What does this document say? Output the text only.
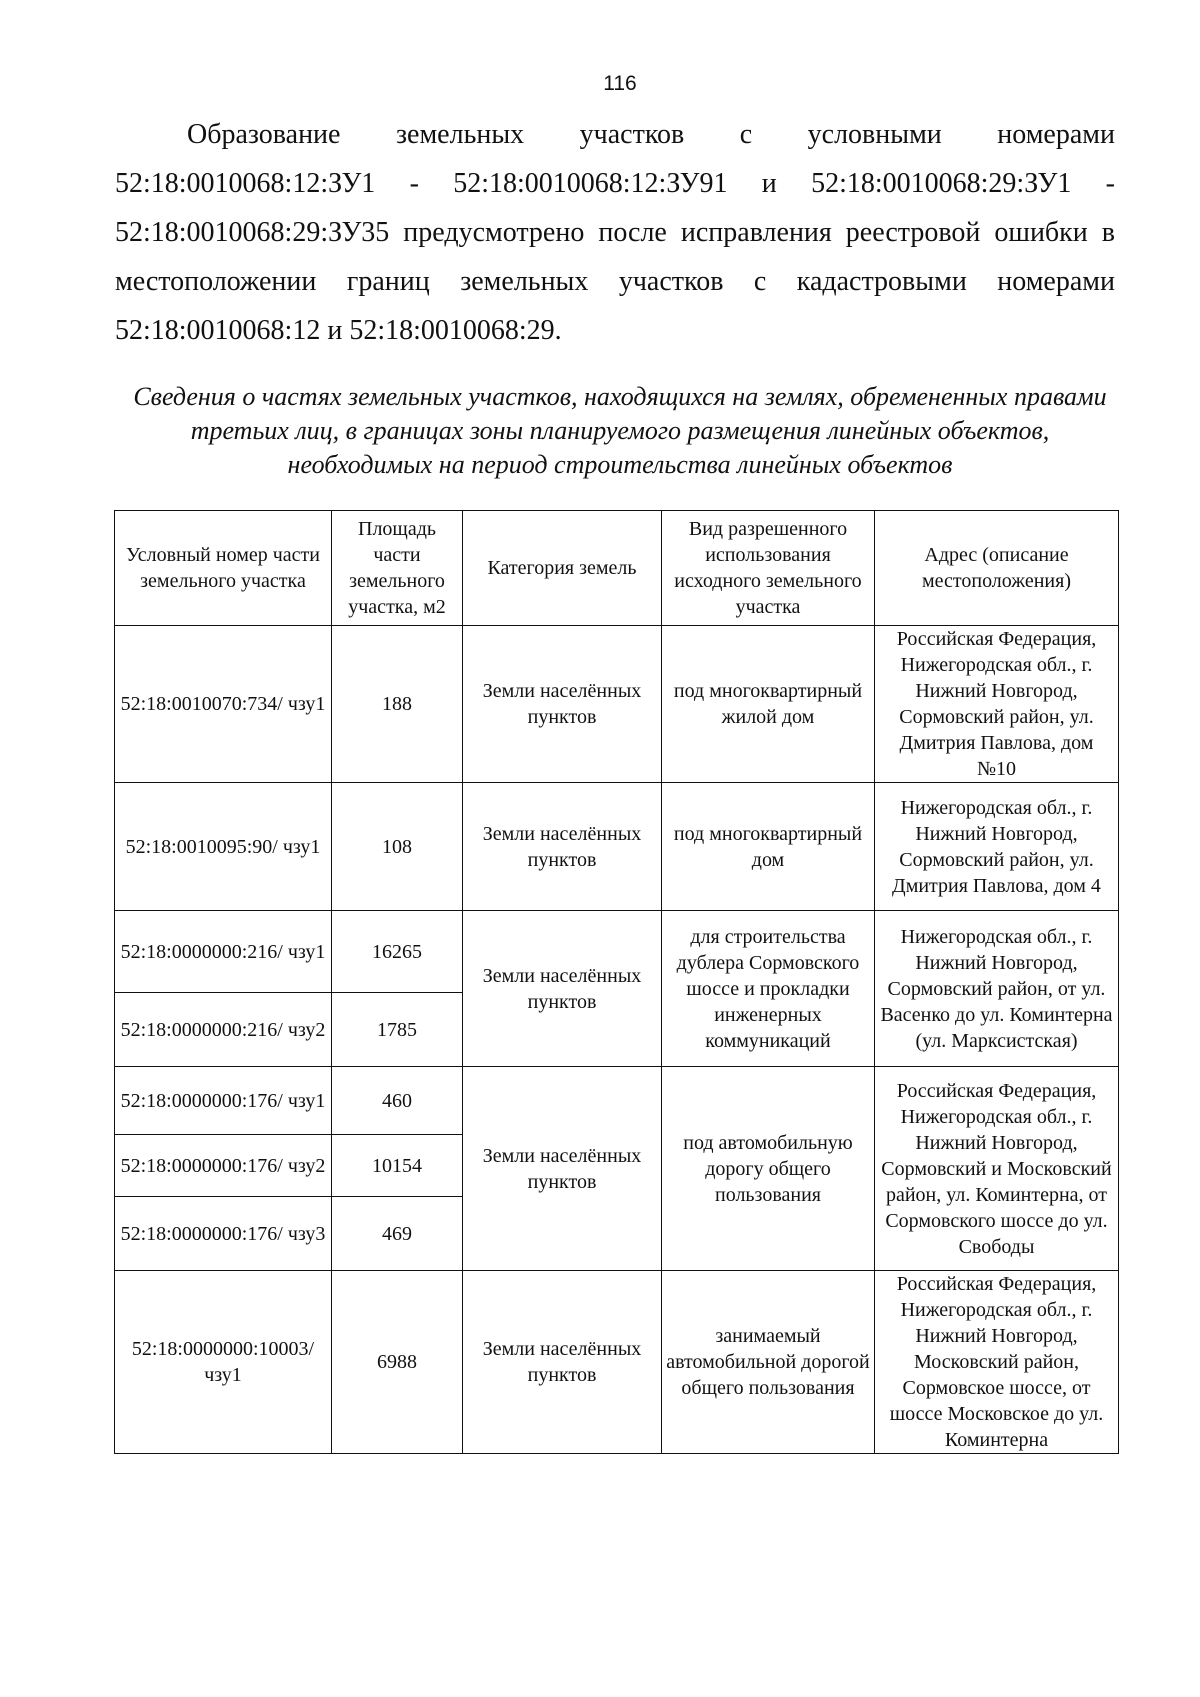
116

Образование земельных участков с условными номерами
52:18:0010068:12:ЗУ1 - 52:18:0010068:12:ЗУ91 и 52:18:0010068:29:ЗУ1 -
52:18:0010068:29:ЗУ35 предусмотрено после исправления реестровой ошибки в
местоположении границ земельных участков с кадастровыми номерами
52:18:0010068:12 и 52:18:0010068:29.

Сведения о частях земельных участков, находящихся на землях, обремененных правами третьих лиц, в границах зоны планируемого размещения линейных объектов, необходимых на период строительства линейных объектов

Условный номер части земельного участка	Площадь части земельного участка, м2	Категория земель	Вид разрешенного использования исходного земельного участка	Адрес (описание местоположения)
52:18:0010070:734/ чзу1	188	Земли населённых пунктов	под многоквартирный жилой дом	Российская Федерация, Нижегородская обл., г. Нижний Новгород, Сормовский район, ул. Дмитрия Павлова, дом №10
52:18:0010095:90/ чзу1	108	Земли населённых пунктов	под многоквартирный дом	Нижегородская обл., г. Нижний Новгород, Сормовский район, ул. Дмитрия Павлова, дом 4
52:18:0000000:216/ чзу1	16265	Земли населённых пунктов	для строительства дублера Сормовского шоссе и прокладки инженерных коммуникаций	Нижегородская обл., г. Нижний Новгород, Сормовский район, от ул. Васенко до ул. Коминтерна (ул. Марксистская)
52:18:0000000:216/ чзу2	1785			
52:18:0000000:176/ чзу1	460	Земли населённых пунктов	под автомобильную дорогу общего пользования	Российская Федерация, Нижегородская обл., г. Нижний Новгород, Сормовский и Московский район, ул. Коминтерна, от Сормовского шоссе до ул. Свободы
52:18:0000000:176/ чзу2	10154			
52:18:0000000:176/ чзу3	469			
52:18:0000000:10003/ чзу1	6988	Земли населённых пунктов	занимаемый автомобильной дорогой общего пользования	Российская Федерация, Нижегородская обл., г. Нижний Новгород, Московский район, Сормовское шоссе, от шоссе Московское до ул. Коминтерна
